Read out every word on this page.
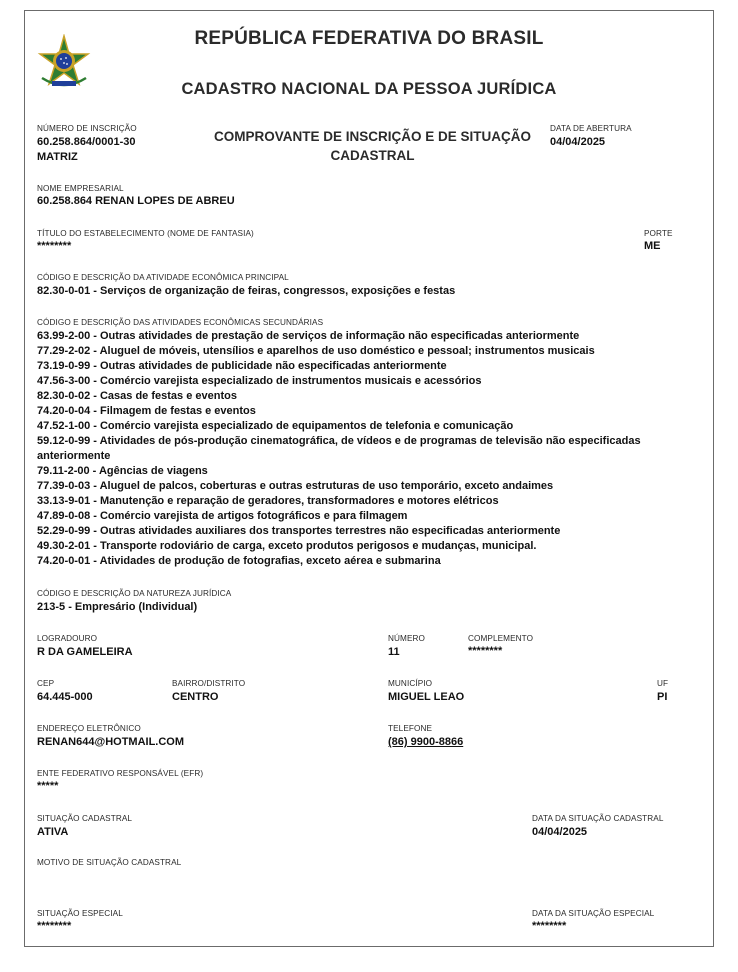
REPÚBLICA FEDERATIVA DO BRASIL
CADASTRO NACIONAL DA PESSOA JURÍDICA
NÚMERO DE INSCRIÇÃO
60.258.864/0001-30
MATRIZ
COMPROVANTE DE INSCRIÇÃO E DE SITUAÇÃO
CADASTRAL
DATA DE ABERTURA
04/04/2025
NOME EMPRESARIAL
60.258.864 RENAN LOPES DE ABREU
TÍTULO DO ESTABELECIMENTO (NOME DE FANTASIA)
********
PORTE
ME
CÓDIGO E DESCRIÇÃO DA ATIVIDADE ECONÔMICA PRINCIPAL
82.30-0-01 - Serviços de organização de feiras, congressos, exposições e festas
CÓDIGO E DESCRIÇÃO DAS ATIVIDADES ECONÔMICAS SECUNDÁRIAS
63.99-2-00 - Outras atividades de prestação de serviços de informação não especificadas anteriormente
77.29-2-02 - Aluguel de móveis, utensílios e aparelhos de uso doméstico e pessoal; instrumentos musicais
73.19-0-99 - Outras atividades de publicidade não especificadas anteriormente
47.56-3-00 - Comércio varejista especializado de instrumentos musicais e acessórios
82.30-0-02 - Casas de festas e eventos
74.20-0-04 - Filmagem de festas e eventos
47.52-1-00 - Comércio varejista especializado de equipamentos de telefonia e comunicação
59.12-0-99 - Atividades de pós-produção cinematográfica, de vídeos e de programas de televisão não especificadas anteriormente
79.11-2-00 - Agências de viagens
77.39-0-03 - Aluguel de palcos, coberturas e outras estruturas de uso temporário, exceto andaimes
33.13-9-01 - Manutenção e reparação de geradores, transformadores e motores elétricos
47.89-0-08 - Comércio varejista de artigos fotográficos e para filmagem
52.29-0-99 - Outras atividades auxiliares dos transportes terrestres não especificadas anteriormente
49.30-2-01 - Transporte rodoviário de carga, exceto produtos perigosos e mudanças, municipal.
74.20-0-01 - Atividades de produção de fotografias, exceto aérea e submarina
CÓDIGO E DESCRIÇÃO DA NATUREZA JURÍDICA
213-5 - Empresário (Individual)
LOGRADOURO
R DA GAMELEIRA
NÚMERO
11
COMPLEMENTO
********
CEP
64.445-000
BAIRRO/DISTRITO
CENTRO
MUNICÍPIO
MIGUEL LEAO
UF
PI
ENDEREÇO ELETRÔNICO
RENAN644@HOTMAIL.COM
TELEFONE
(86) 9900-8866
ENTE FEDERATIVO RESPONSÁVEL (EFR)
*****
SITUAÇÃO CADASTRAL
ATIVA
DATA DA SITUAÇÃO CADASTRAL
04/04/2025
MOTIVO DE SITUAÇÃO CADASTRAL
SITUAÇÃO ESPECIAL
********
DATA DA SITUAÇÃO ESPECIAL
********
